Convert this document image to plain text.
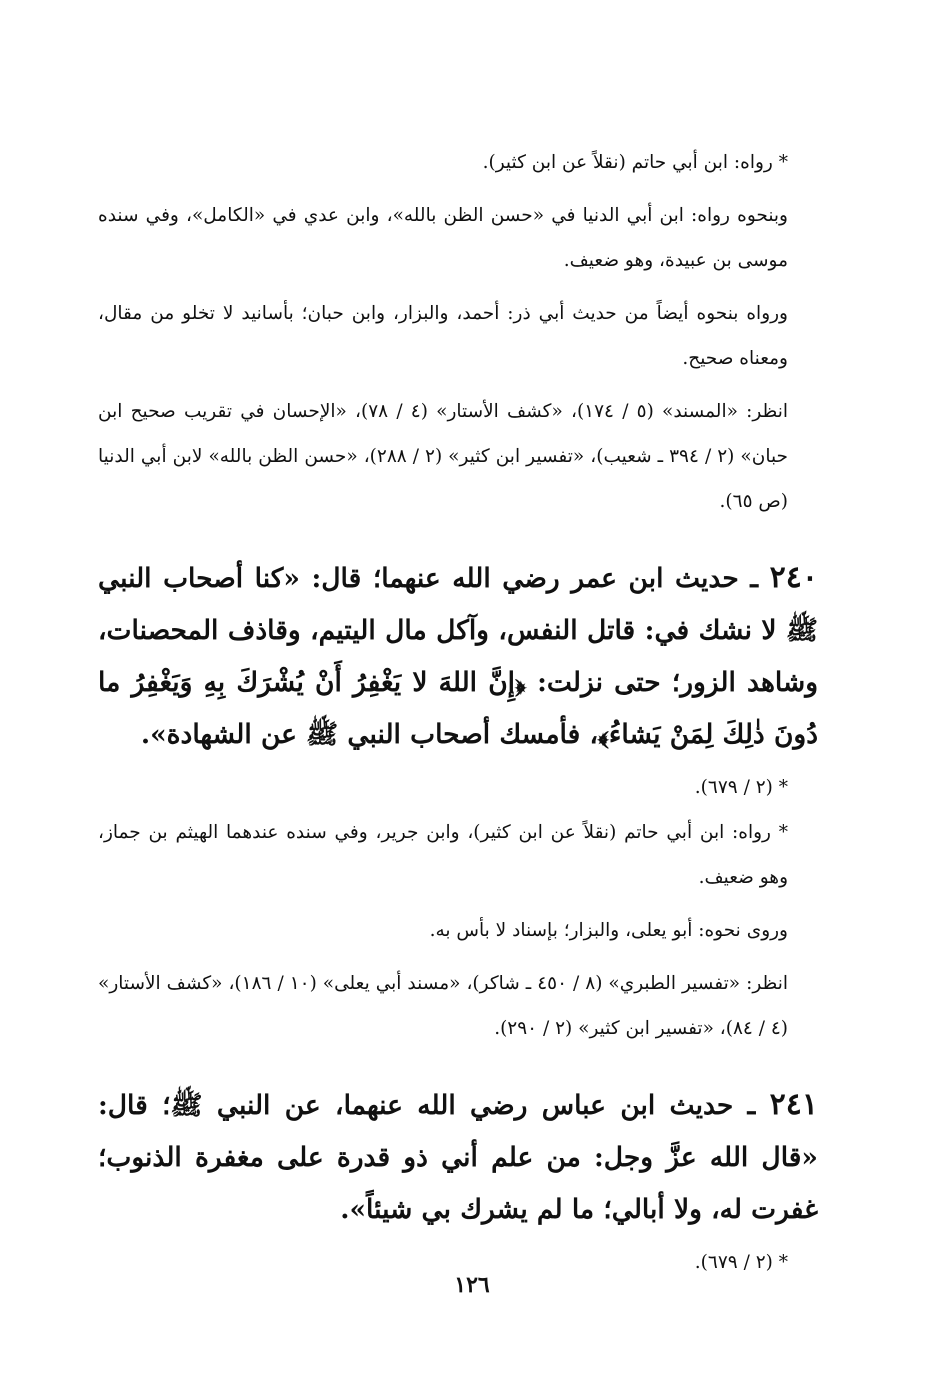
* رواه: ابن أبي حاتم (نقلاً عن ابن كثير).

وبنحوه رواه: ابن أبي الدنيا في «حسن الظن بالله»، وابن عدي في «الكامل»، وفي سنده موسى بن عبيدة، وهو ضعيف.

ورواه بنحوه أيضاً من حديث أبي ذر: أحمد، والبزار، وابن حبان؛ بأسانيد لا تخلو من مقال، ومعناه صحيح.

انظر: «المسند» (٥ / ١٧٤)، «كشف الأستار» (٤ / ٧٨)، «الإحسان في تقريب صحيح ابن حبان» (٢ / ٣٩٤ ـ شعيب)، «تفسير ابن كثير» (٢ / ٢٨٨)، «حسن الظن بالله» لابن أبي الدنيا (ص ٦٥).

٢٤٠ ـ حديث ابن عمر رضي الله عنهما؛ قال: «كنا أصحاب النبي ﷺ لا نشك في: قاتل النفس، وآكل مال اليتيم، وقاذف المحصنات، وشاهد الزور؛ حتى نزلت: ﴿إِنَّ اللهَ لا يَغْفِرُ أَنْ يُشْرَكَ بِهِ وَيَغْفِرُ ما دُونَ ذٰلِكَ لِمَنْ يَشاءُ﴾، فأمسك أصحاب النبي ﷺ عن الشهادة».

* (٢ / ٦٧٩).

* رواه: ابن أبي حاتم (نقلاً عن ابن كثير)، وابن جرير، وفي سنده عندهما الهيثم بن جماز، وهو ضعيف.

وروى نحوه: أبو يعلى، والبزار؛ بإسناد لا بأس به.

انظر: «تفسير الطبري» (٨ / ٤٥٠ ـ شاكر)، «مسند أبي يعلى» (١٠ / ١٨٦)، «كشف الأستار» (٤ / ٨٤)، «تفسير ابن كثير» (٢ / ٢٩٠).

٢٤١ ـ حديث ابن عباس رضي الله عنهما، عن النبي ﷺ؛ قال: «قال الله عزَّ وجل: من علم أني ذو قدرة على مغفرة الذنوب؛ غفرت له، ولا أبالي؛ ما لم يشرك بي شيئاً».

* (٢ / ٦٧٩).

١٢٦
